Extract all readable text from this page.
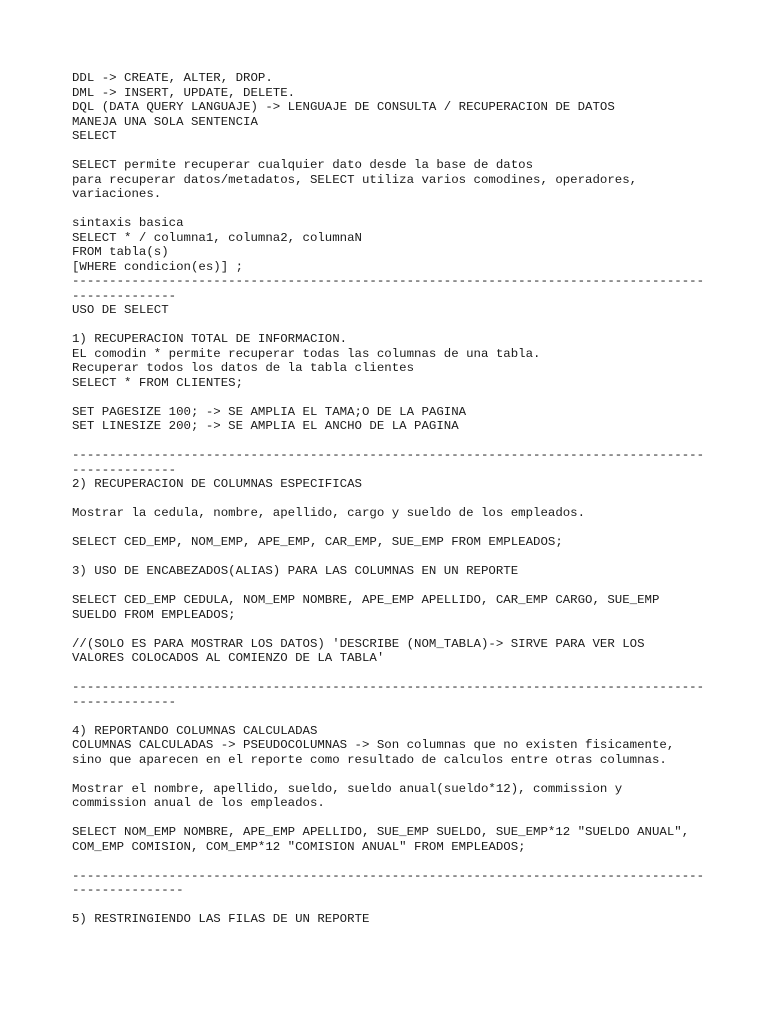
DDL -> CREATE, ALTER, DROP.
DML -> INSERT, UPDATE, DELETE.
DQL (DATA QUERY LANGUAJE) -> LENGUAJE DE CONSULTA / RECUPERACION DE DATOS
MANEJA UNA SOLA SENTENCIA
SELECT
SELECT permite recuperar cualquier dato desde la base de datos
para recuperar datos/metadatos, SELECT utiliza varios comodines, operadores,
variaciones.
sintaxis basica
SELECT * / columna1, columna2, columnaN
FROM tabla(s)
[WHERE condicion(es)] ;
-------------------------------------------------------------------------------------
--------------
USO DE SELECT
1) RECUPERACION TOTAL DE INFORMACION.
EL comodin * permite recuperar todas las columnas de una tabla.
Recuperar todos los datos de la tabla clientes
SELECT * FROM CLIENTES;
SET PAGESIZE 100; -> SE AMPLIA EL TAMA;O DE LA PAGINA
SET LINESIZE 200; -> SE AMPLIA EL ANCHO DE LA PAGINA
-------------------------------------------------------------------------------------
--------------
2) RECUPERACION DE COLUMNAS ESPECIFICAS
Mostrar la cedula, nombre, apellido, cargo y sueldo de los empleados.
SELECT CED_EMP, NOM_EMP, APE_EMP, CAR_EMP, SUE_EMP FROM EMPLEADOS;
3) USO DE ENCABEZADOS(ALIAS) PARA LAS COLUMNAS EN UN REPORTE
SELECT CED_EMP CEDULA, NOM_EMP NOMBRE, APE_EMP APELLIDO, CAR_EMP CARGO, SUE_EMP
SUELDO FROM EMPLEADOS;
//(SOLO ES PARA MOSTRAR LOS DATOS) 'DESCRIBE (NOM_TABLA)-> SIRVE PARA VER LOS
VALORES COLOCADOS AL COMIENZO DE LA TABLA'
-------------------------------------------------------------------------------------
--------------
4) REPORTANDO COLUMNAS CALCULADAS
COLUMNAS CALCULADAS -> PSEUDOCOLUMNAS -> Son columnas que no existen fisicamente,
sino que aparecen en el reporte como resultado de calculos entre otras columnas.
Mostrar el nombre, apellido, sueldo, sueldo anual(sueldo*12), commission y
commission anual de los empleados.
SELECT NOM_EMP NOMBRE, APE_EMP APELLIDO, SUE_EMP SUELDO, SUE_EMP*12 "SUELDO ANUAL",
COM_EMP COMISION, COM_EMP*12 "COMISION ANUAL" FROM EMPLEADOS;
-------------------------------------------------------------------------------------
---------------
5) RESTRINGIENDO LAS FILAS DE UN REPORTE
